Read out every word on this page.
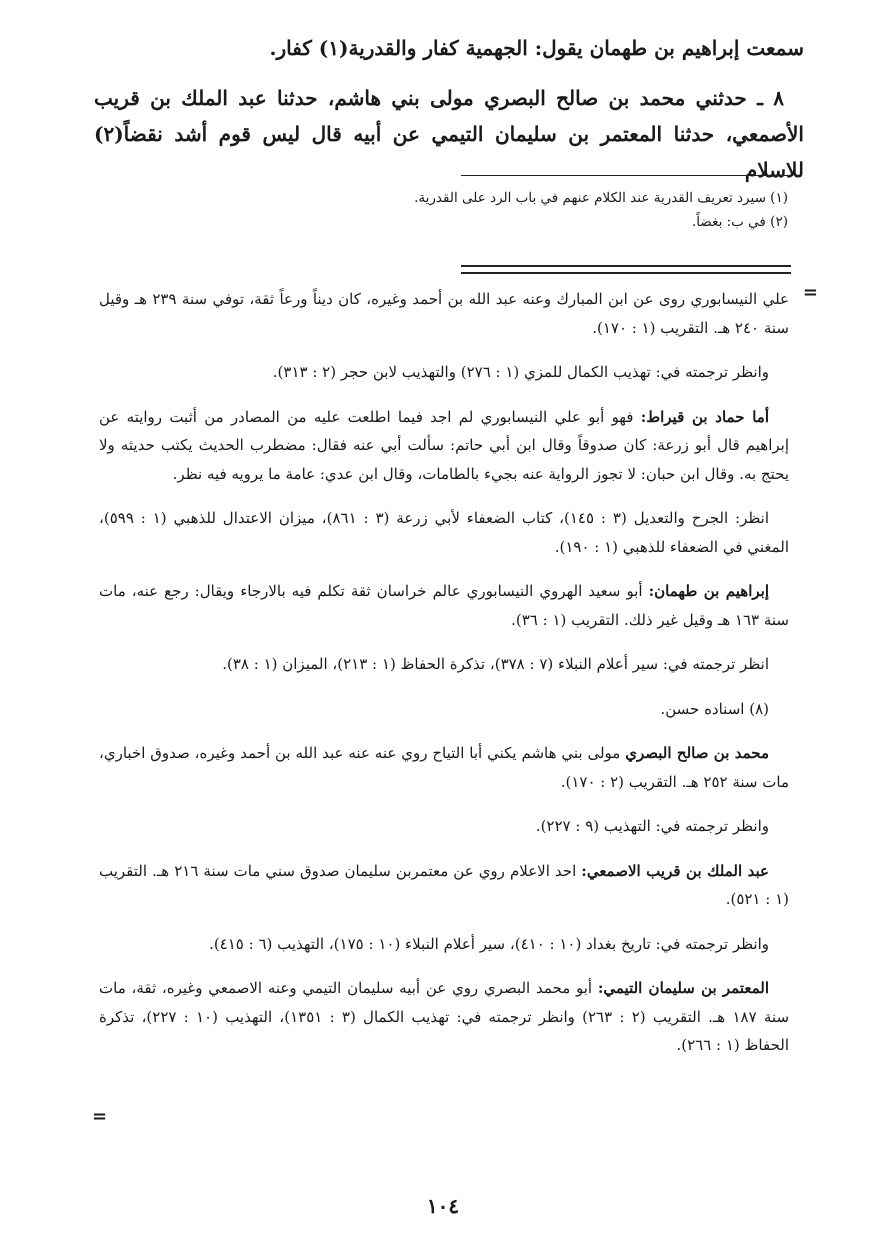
سمعت إبراهيم بن طهمان يقول: الجهمية كفار والقدرية(١) كفار.
٨ ـ حدثني محمد بن صالح البصري مولى بني هاشم، حدثنا عبد الملك بن قريب الأصمعي، حدثنا المعتمر بن سليمان التيمي عن أبيه قال ليس قوم أشد نقضاً(٢) للاسلام

(١) سيرد تعريف القدرية عند الكلام عنهم في باب الرد على القدرية.

(٢) في ب: بغضاً.

=

علي النيسابوري روى عن ابن المبارك وعنه عبد الله بن أحمد وغيره، كان ديناً ورعاً ثقة، توفي سنة ٢٣٩ هـ وقيل سنة ٢٤٠ هـ. التقريب (١ : ١٧٠).

وانظر ترجمته في: تهذيب الكمال للمزي (١ : ٢٧٦) والتهذيب لابن حجر (٢ : ٣١٣).

أما حماد بن قيراط: فهو أبو علي النيسابوري لم اجد فيما اطلعت عليه من المصادر من أثبت روايته عن إبراهيم قال أبو زرعة: كان صدوقاً وقال ابن أبي حاتم: سألت أبي عنه فقال: مضطرب الحديث يكتب حديثه ولا يحتج به. وقال ابن حبان: لا تجوز الرواية عنه بجيء بالطامات، وقال ابن عدي: عامة ما يرويه فيه نظر.

انظر: الجرح والتعديل (٣ : ١٤٥)، كتاب الضعفاء لأبي زرعة (٣ : ٨٦١)، ميزان الاعتدال للذهبي (١ : ٥٩٩)، المغني في الضعفاء للذهبي (١ : ١٩٠).

إبراهيم بن طهمان: أبو سعيد الهروي النيسابوري عالم خراسان ثقة تكلم فيه بالارجاء ويقال: رجع عنه، مات سنة ١٦٣ هـ وقيل غير ذلك. التقريب (١ : ٣٦).

انظر ترجمته في: سير أعلام النبلاء (٧ : ٣٧٨)، تذكرة الحفاظ (١ : ٢١٣)، الميزان (١ : ٣٨).

(٨) اسناده حسن.

محمد بن صالح البصري مولى بني هاشم يكني أبا التياح روي عنه عنه عبد الله بن أحمد وغيره، صدوق اخباري، مات سنة ٢٥٢ هـ. التقريب (٢ : ١٧٠).

وانظر ترجمته في: التهذيب (٩ : ٢٢٧).

عبد الملك بن قريب الاصمعي: احد الاعلام روي عن معتمربن سليمان صدوق سني مات سنة ٢١٦ هـ. التقريب (١ : ٥٢١).

وانظر ترجمته في: تاريخ بغداد (١٠ : ٤١٠)، سير أعلام النبلاء (١٠ : ١٧٥)، التهذيب (٦ : ٤١٥).

المعتمر بن سليمان التيمي: أبو محمد البصري روي عن أبيه سليمان التيمي وعنه الاصمعي وغيره، ثقة، مات سنة ١٨٧ هـ. التقريب (٢ : ٢٦٣) وانظر ترجمته في: تهذيب الكمال (٣ : ١٣٥١)، التهذيب (١٠ : ٢٢٧)، تذكرة الحفاظ (١ : ٢٦٦).

=
١٠٤
